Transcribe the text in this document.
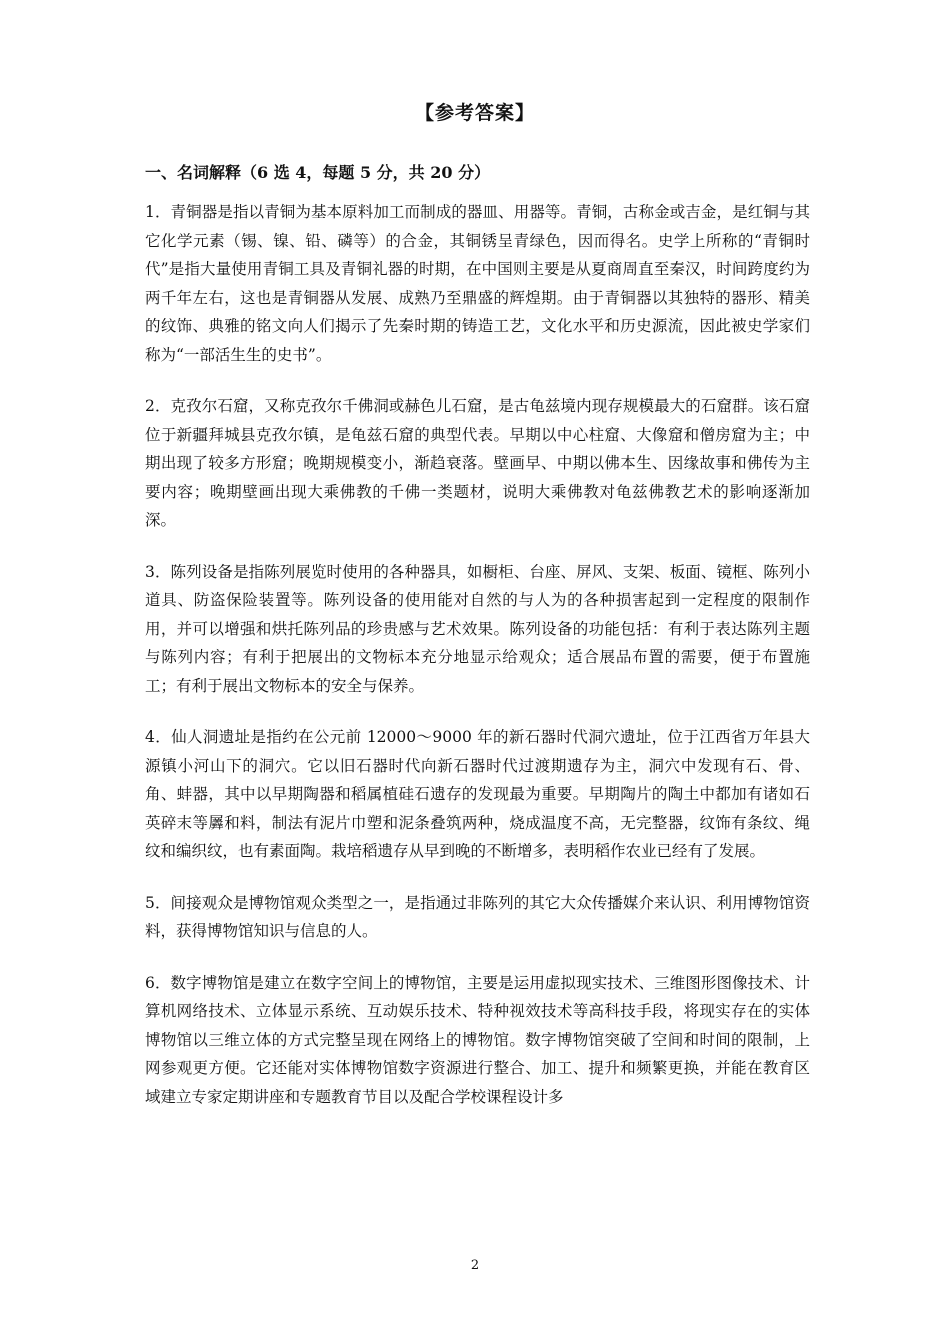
【参考答案】
一、名词解释（6 选 4，每题 5 分，共 20 分）

1．青铜器是指以青铜为基本原料加工而制成的器皿、用器等。青铜，古称金或吉金，是红铜与其它化学元素（锡、镍、铅、磷等）的合金，其铜锈呈青绿色，因而得名。史学上所称的“青铜时代”是指大量使用青铜工具及青铜礼器的时期，在中国则主要是从夏商周直至秦汉，时间跨度约为两千年左右，这也是青铜器从发展、成熟乃至鼎盛的辉煌期。由于青铜器以其独特的器形、精美的纹饰、典雅的铭文向人们揭示了先秦时期的铸造工艺，文化水平和历史源流，因此被史学家们称为“一部活生生的史书”。

2．克孜尔石窟，又称克孜尔千佛洞或赫色儿石窟，是古龟兹境内现存规模最大的石窟群。该石窟位于新疆拜城县克孜尔镇，是龟兹石窟的典型代表。早期以中心柱窟、大像窟和僧房窟为主；中期出现了较多方形窟；晚期规模变小，渐趋衰落。壁画早、中期以佛本生、因缘故事和佛传为主要内容；晚期壁画出现大乘佛教的千佛一类题材，说明大乘佛教对龟兹佛教艺术的影响逐渐加深。

3．陈列设备是指陈列展览时使用的各种器具，如橱柜、台座、屏风、支架、板面、镜框、陈列小道具、防盗保险装置等。陈列设备的使用能对自然的与人为的各种损害起到一定程度的限制作用，并可以增强和烘托陈列品的珍贵感与艺术效果。陈列设备的功能包括：有利于表达陈列主题与陈列内容；有利于把展出的文物标本充分地显示给观众；适合展品布置的需要，便于布置施工；有利于展出文物标本的安全与保养。

4．仙人洞遗址是指约在公元前 12000～9000 年的新石器时代洞穴遗址，位于江西省万年县大源镇小河山下的洞穴。它以旧石器时代向新石器时代过渡期遗存为主，洞穴中发现有石、骨、角、蚌器，其中以早期陶器和稻属植硅石遗存的发现最为重要。早期陶片的陶土中都加有诸如石英碎末等羼和料，制法有泥片巾塑和泥条叠筑两种，烧成温度不高，无完整器，纹饰有条纹、绳纹和编织纹，也有素面陶。栽培稻遗存从早到晚的不断增多，表明稻作农业已经有了发展。

5．间接观众是博物馆观众类型之一，是指通过非陈列的其它大众传播媒介来认识、利用博物馆资料，获得博物馆知识与信息的人。

6．数字博物馆是建立在数字空间上的博物馆，主要是运用虚拟现实技术、三维图形图像技术、计算机网络技术、立体显示系统、互动娱乐技术、特种视效技术等高科技手段，将现实存在的实体博物馆以三维立体的方式完整呈现在网络上的博物馆。数字博物馆突破了空间和时间的限制，上网参观更方便。它还能对实体博物馆数字资源进行整合、加工、提升和频繁更换，并能在教育区域建立专家定期讲座和专题教育节目以及配合学校课程设计多

2
